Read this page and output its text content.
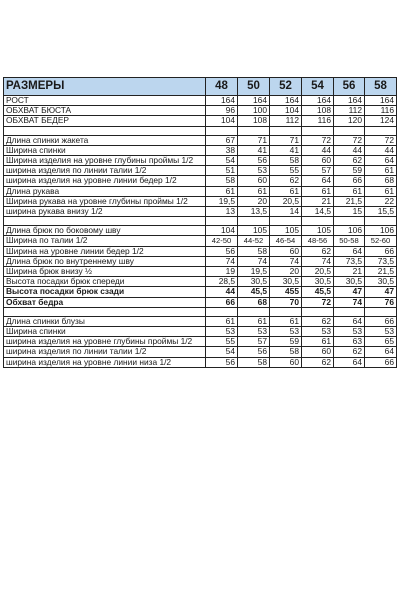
РАЗМЕРЫ	48	50	52	54	56	58
РОСТ	164	164	164	164	164	164
ОБХВАТ БЮСТА	96	100	104	108	112	116
ОБХВАТ БЕДЕР	104	108	112	116	120	124

Длина спинки жакета	67	71	71	72	72	72
Ширина спинки	38	41	41	44	44	44
Ширина изделия на уровне глубины проймы 1/2	54	56	58	60	62	64
ширина изделия по линии талии 1/2	51	53	55	57	59	61
ширина изделия на уровне линии бедер 1/2	58	60	62	64	66	68
Длина рукава	61	61	61	61	61	61
Ширина рукава на уровне глубины проймы 1/2	19,5	20	20,5	21	21,5	22
ширина рукава внизу 1/2	13	13,5	14	14,5	15	15,5

Длина брюк по боковому шву	104	105	105	105	106	106
Ширина по талии 1/2	42-50	44-52	46-54	48-56	50-58	52-60
Ширина на уровне линии бедер 1/2	56	58	60	62	64	66
Длина брюк по внутреннему шву	74	74	74	74	73,5	73,5
Ширина брюк внизу ½	19	19,5	20	20,5	21	21,5
Высота посадки брюк спереди	28,5	30,5	30,5	30,5	30,5	30,5
Высота посадки брюк сзади	44	45,5	455	45,5	47	47
Обхват бедра	66	68	70	72	74	76

Длина спинки блузы	61	61	61	62	64	66
Ширина спинки	53	53	53	53	53	53
ширина изделия на уровне глубины проймы 1/2	55	57	59	61	63	65
ширина изделия по линии талии 1/2	54	56	58	60	62	64
ширина изделия на уровне линии низа 1/2	56	58	60	62	64	66
